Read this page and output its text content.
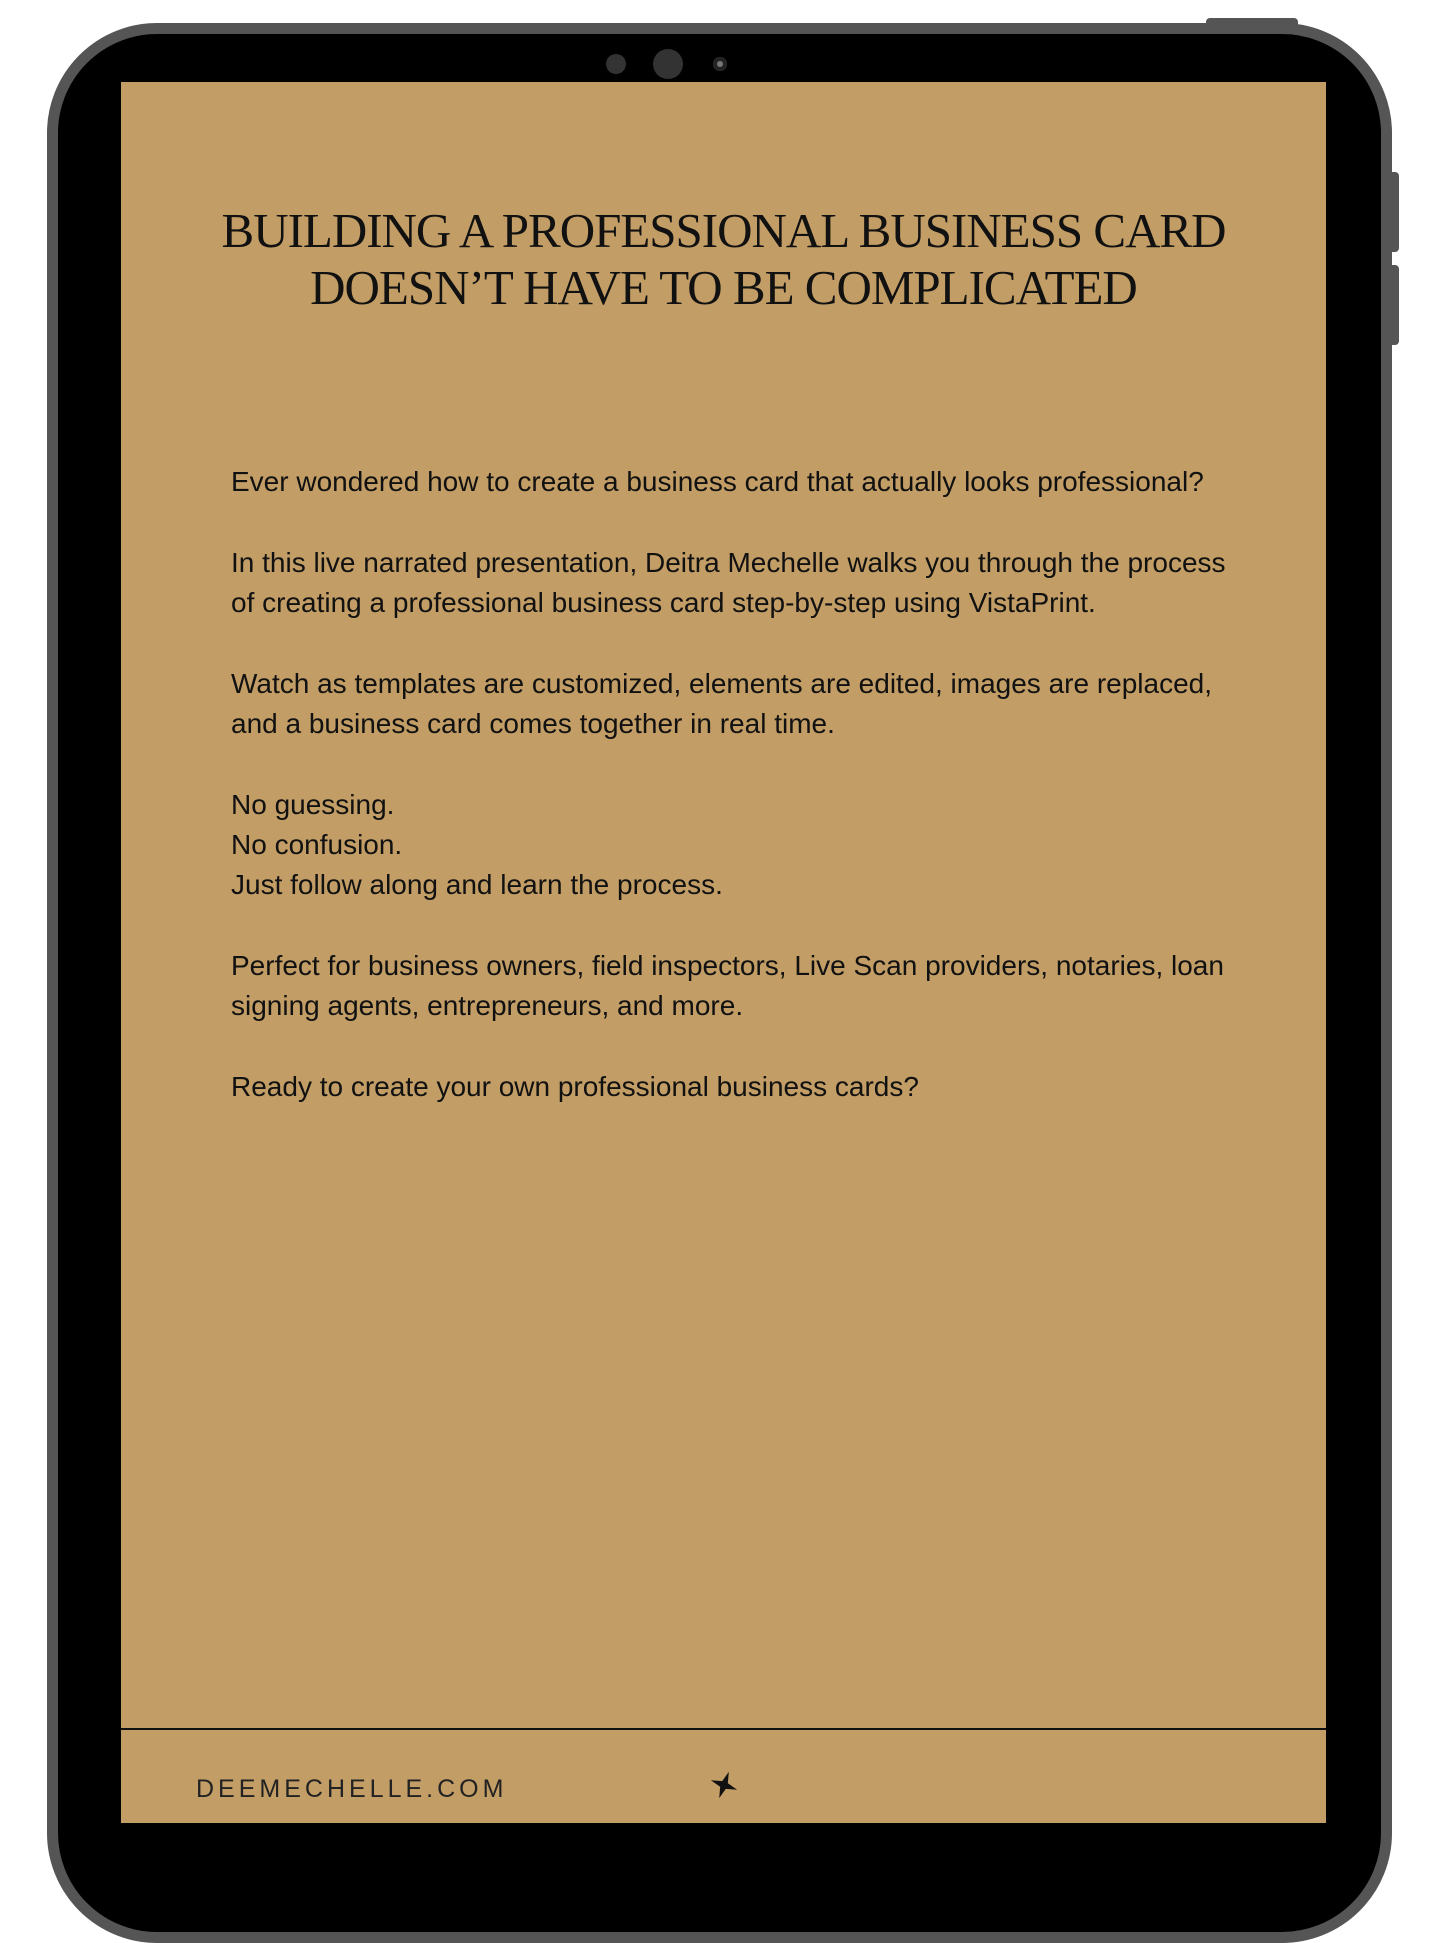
BUILDING A PROFESSIONAL BUSINESS CARD DOESN’T HAVE TO BE COMPLICATED

Ever wondered how to create a business card that actually looks professional?

In this live narrated presentation, Deitra Mechelle walks you through the process of creating a professional business card step-by-step using VistaPrint.

Watch as templates are customized, elements are edited, images are replaced, and a business card comes together in real time.

No guessing.
No confusion.
Just follow along and learn the process.

Perfect for business owners, field inspectors, Live Scan providers, notaries, loan signing agents, entrepreneurs, and more.

Ready to create your own professional business cards?

DEEMECHELLE.COM
